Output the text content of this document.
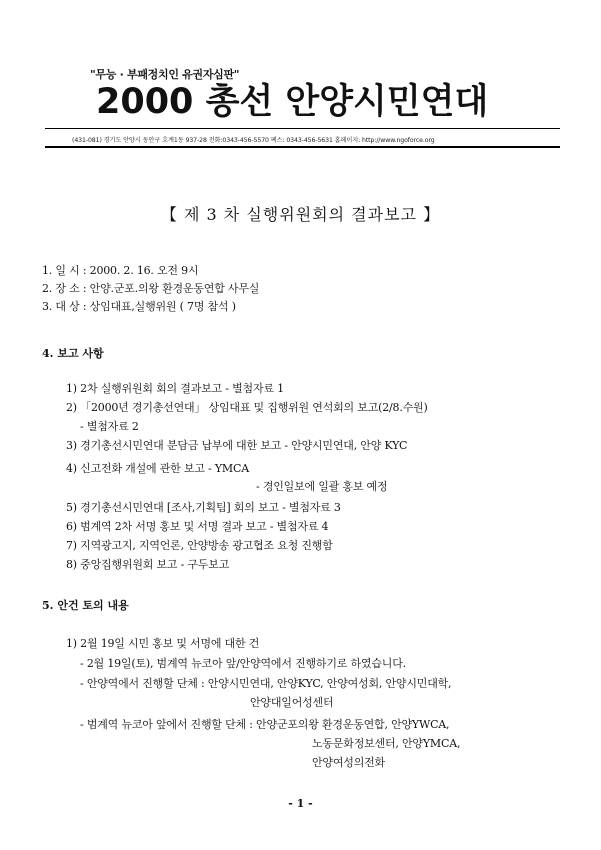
"무능 · 부패정치인 유권자심판"
2000 총선 안양시민연대
(431-081) 경기도 안양시 동안구 호계1동 937-28 전화:0343-456-5570 팩스: 0343-456-5631 홈페이지: http://www.ngoforce.org
【 제 3 차 실행위원회의 결과보고 】
1. 일 시 : 2000. 2. 16. 오전 9시
2. 장 소 : 안양.군포.의왕 환경운동연합 사무실
3. 대 상 : 상임대표,실행위원 ( 7명 참석 )
4. 보고 사항
1) 2차 실행위원회 회의 결과보고 - 별첨자료 1
2) 「2000년 경기총선연대」 상임대표 및 집행위원 연석회의 보고(2/8.수원)
- 별첨자료 2
3) 경기총선시민연대 분담금 납부에 대한 보고 - 안양시민연대, 안양 KYC
4) 신고전화 개설에 관한 보고 - YMCA
- 경인일보에 일괄 홍보 예정
5) 경기총선시민연대 [조사,기획팀] 회의 보고 - 별첨자료 3
6) 범계역 2차 서명 홍보 및 서명 결과 보고 - 별첨자료 4
7) 지역광고지, 지역언론, 안양방송 광고협조 요청 진행함
8) 중앙집행위원회 보고 - 구두보고
5. 안건 토의 내용
1) 2월 19일 시민 홍보 및 서명에 대한 건
- 2월 19일(토), 범계역 뉴코아 앞/안양역에서 진행하기로 하였습니다.
- 안양역에서 진행할 단체 : 안양시민연대, 안양KYC, 안양여성회, 안양시민대학,
안양대일어성센터
- 범계역 뉴코아 앞에서 진행할 단체 : 안양군포의왕 환경운동연합, 안양YWCA,
노동문화정보센터, 안양YMCA,
안양여성의전화
- 1 -
